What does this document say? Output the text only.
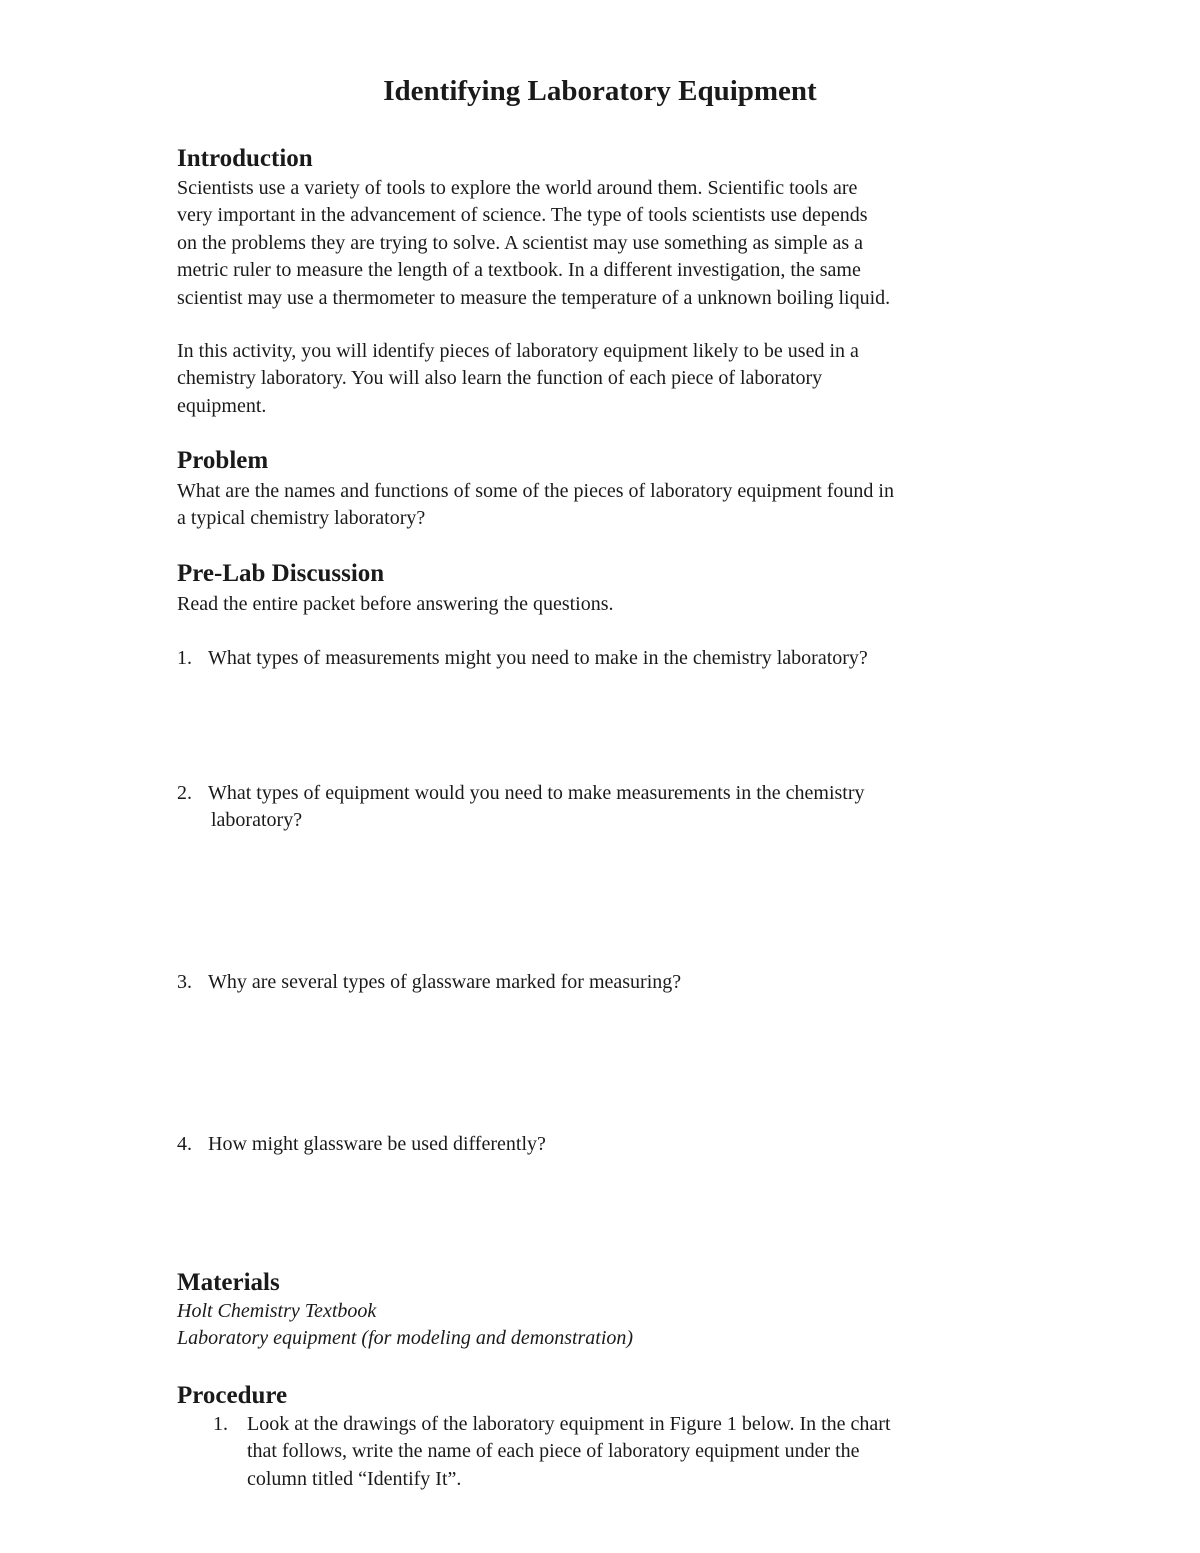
Identifying Laboratory Equipment
Introduction
Scientists use a variety of tools to explore the world around them. Scientific tools are
very important in the advancement of science. The type of tools scientists use depends
on the problems they are trying to solve. A scientist may use something as simple as a
metric ruler to measure the length of a textbook. In a different investigation, the same
scientist may use a thermometer to measure the temperature of a unknown boiling liquid.
In this activity, you will identify pieces of laboratory equipment likely to be used in a
chemistry laboratory. You will also learn the function of each piece of laboratory
equipment.
Problem
What are the names and functions of some of the pieces of laboratory equipment found in
a typical chemistry laboratory?
Pre-Lab Discussion
Read the entire packet before answering the questions.
1. What types of measurements might you need to make in the chemistry laboratory?
2. What types of equipment would you need to make measurements in the chemistry
laboratory?
3. Why are several types of glassware marked for measuring?
4. How might glassware be used differently?
Materials
Holt Chemistry Textbook
Laboratory equipment (for modeling and demonstration)
Procedure
1. Look at the drawings of the laboratory equipment in Figure 1 below. In the chart
that follows, write the name of each piece of laboratory equipment under the
column titled “Identify It”.
